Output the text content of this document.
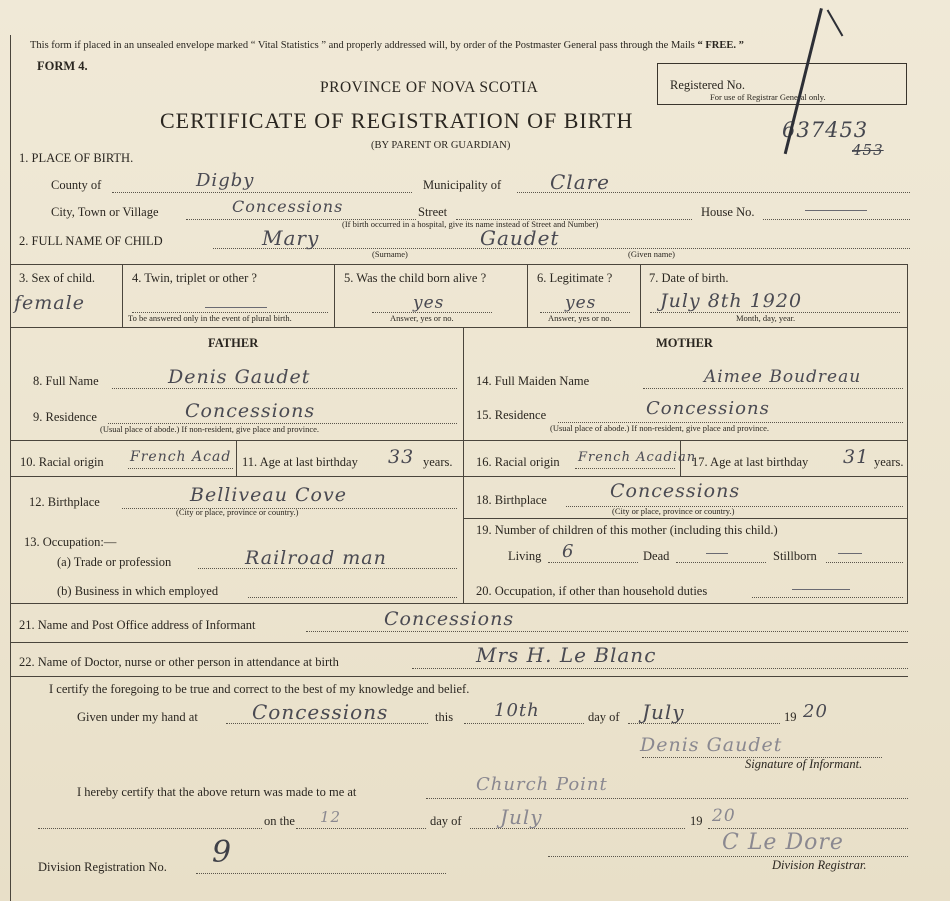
This form if placed in an unsealed envelope marked “ Vital Statistics ” and properly addressed will, by order of the Postmaster General pass through the Mails “ FREE. ”
FORM 4.
PROVINCE OF NOVA SCOTIA
CERTIFICATE OF REGISTRATION OF BIRTH
(BY PARENT OR GUARDIAN)
Registered No.
For use of Registrar General only.
637453
453
1. PLACE OF BIRTH.
County of	Digby	Municipality of Clare
City, Town or Village	Concessions	Street
(If birth occurred in a hospital, give its name instead of Street and Number)
House No.
2. FULL NAME OF CHILD	Mary
(Surname)
Gaudet
(Given name)
3. Sex of child.
female
4. Twin, triplet or other ?
To be answered only in the event of plural birth.
5. Was the child born alive ?
yes
Answer, yes or no.
6. Legitimate ?
yes
Answer, yes or no.
7. Date of birth.
July 8th 1920
Month, day, year.
FATHER	MOTHER
8. Full Name	Denis Gaudet
9. Residence	Concessions
(Usual place of abode.) If non-resident, give place and province.
10. Racial origin French Acad 11. Age at last birthday 33 years.
12. Birthplace	Belliveau Cove
(City or place, province or country.)
13. Occupation:—
(a) Trade or profession	Railroad man
(b) Business in which employed
14. Full Maiden Name	Aimee Boudreau
15. Residence	Concessions
(Usual place of abode.) If non-resident, give place and province.
16. Racial origin French Acadian
17. Age at last birthday 31 years.
18. Birthplace	Concessions
(City or place, province or country.)
19. Number of children of this mother (including this child.)
Living 6	Dead	Stillborn
20. Occupation, if other than household duties
21. Name and Post Office address of Informant	Concessions
22. Name of Doctor, nurse or other person in attendance at birth	Mrs H. Le Blanc
I certify the foregoing to be true and correct to the best of my knowledge and belief.
Given under my hand at	Concessions	this 10th	day of July	19 20
Denis Gaudet
Signature of Informant.
I hereby certify that the above return was made to me at	Church Point
on the 12	day of July	19 20
Division Registration No. 9	C Le Dore
Division Registrar.
